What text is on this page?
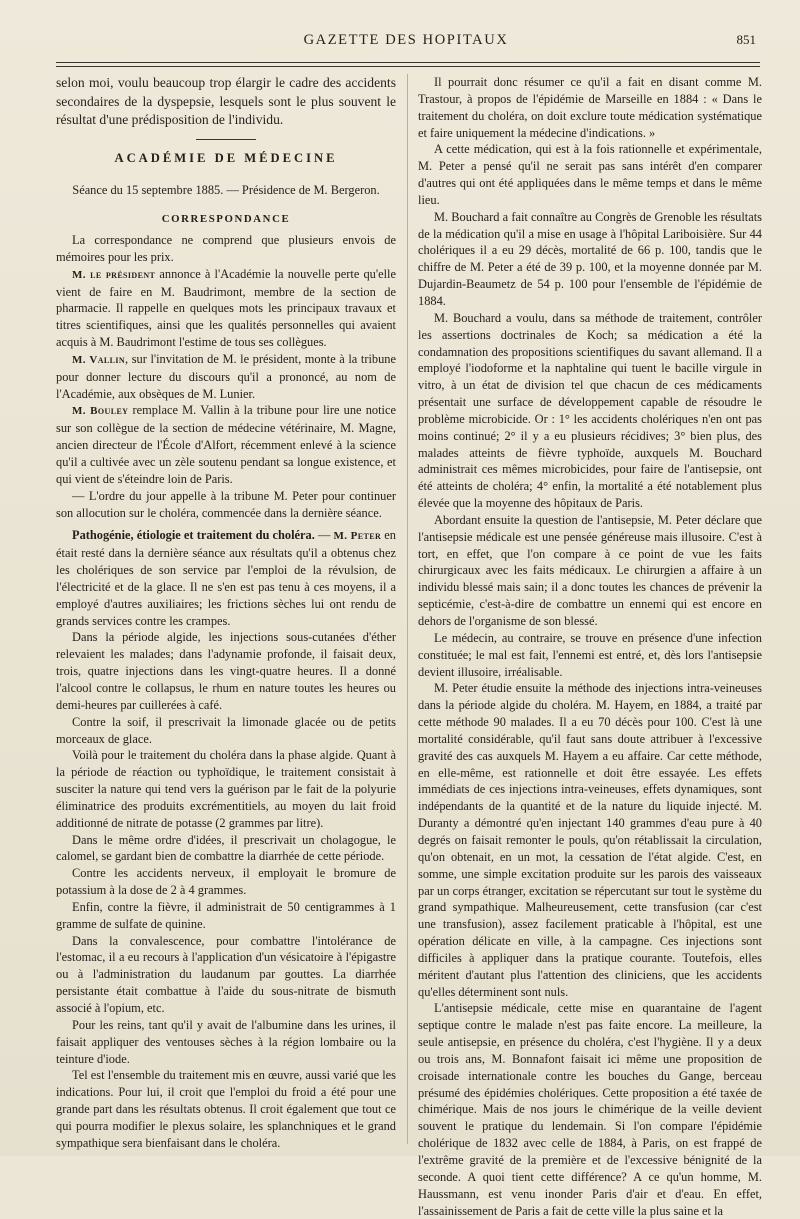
GAZETTE DES HOPITAUX	851

selon moi, voulu beaucoup trop élargir le cadre des accidents secondaires de la dyspepsie, lesquels sont le plus souvent le résultat d'une prédisposition de l'individu.

ACADÉMIE DE MÉDECINE

Séance du 15 septembre 1885. — Présidence de M. Bergeron.

CORRESPONDANCE

La correspondance ne comprend que plusieurs envois de mémoires pour les prix.

M. le président annonce à l'Académie la nouvelle perte qu'elle vient de faire en M. Baudrimont, membre de la section de pharmacie. Il rappelle en quelques mots les principaux travaux et titres scientifiques, ainsi que les qualités personnelles qui avaient acquis à M. Baudrimont l'estime de tous ses collègues.

M. Vallin, sur l'invitation de M. le président, monte à la tribune pour donner lecture du discours qu'il a prononcé, au nom de l'Académie, aux obsèques de M. Lunier.

M. Bouley remplace M. Vallin à la tribune pour lire une notice sur son collègue de la section de médecine vétérinaire, M. Magne, ancien directeur de l'École d'Alfort, récemment enlevé à la science qu'il a cultivée avec un zèle soutenu pendant sa longue existence, et qui vient de s'éteindre loin de Paris.

— L'ordre du jour appelle à la tribune M. Peter pour continuer son allocution sur le choléra, commencée dans la dernière séance.

Pathogénie, étiologie et traitement du choléra. — M. Peter en était resté dans la dernière séance aux résultats qu'il a obtenus chez les cholériques de son service par l'emploi de la révulsion, de l'électricité et de la glace. Il ne s'en est pas tenu à ces moyens, il a employé d'autres auxiliaires; les frictions sèches lui ont rendu de grands services contre les crampes.

Dans la période algide, les injections sous-cutanées d'éther relevaient les malades; dans l'adynamie profonde, il faisait deux, trois, quatre injections dans les vingt-quatre heures. Il a donné l'alcool contre le collapsus, le rhum en nature toutes les heures ou demi-heures par cuillerées à café.

Contre la soif, il prescrivait la limonade glacée ou de petits morceaux de glace.

Voilà pour le traitement du choléra dans la phase algide. Quant à la période de réaction ou typhoïdique, le traitement consistait à susciter la nature qui tend vers la guérison par le fait de la polyurie éliminatrice des produits excrémentitiels, au moyen du lait froid additionné de nitrate de potasse (2 grammes par litre).

Dans le même ordre d'idées, il prescrivait un cholagogue, le calomel, se gardant bien de combattre la diarrhée de cette période.

Contre les accidents nerveux, il employait le bromure de potassium à la dose de 2 à 4 grammes.

Enfin, contre la fièvre, il administrait de 50 centigrammes à 1 gramme de sulfate de quinine.

Dans la convalescence, pour combattre l'intolérance de l'estomac, il a eu recours à l'application d'un vésicatoire à l'épigastre ou à l'administration du laudanum par gouttes. La diarrhée persistante était combattue à l'aide du sous-nitrate de bismuth associé à l'opium, etc.

Pour les reins, tant qu'il y avait de l'albumine dans les urines, il faisait appliquer des ventouses sèches à la région lombaire ou la teinture d'iode.

Tel est l'ensemble du traitement mis en œuvre, aussi varié que les indications. Pour lui, il croit que l'emploi du froid a été pour une grande part dans les résultats obtenus. Il croit également que tout ce qui pourra modifier le plexus solaire, les splanchniques et le grand sympathique sera bienfaisant dans le choléra.

Il pourrait donc résumer ce qu'il a fait en disant comme M. Trastour, à propos de l'épidémie de Marseille en 1884 : « Dans le traitement du choléra, on doit exclure toute médication systématique et faire uniquement la médecine d'indications. »

A cette médication, qui est à la fois rationnelle et expérimentale, M. Peter a pensé qu'il ne serait pas sans intérêt d'en comparer d'autres qui ont été appliquées dans le même temps et dans le même lieu.

M. Bouchard a fait connaître au Congrès de Grenoble les résultats de la médication qu'il a mise en usage à l'hôpital Lariboisière. Sur 44 cholériques il a eu 29 décès, mortalité de 66 p. 100, tandis que le chiffre de M. Peter a été de 39 p. 100, et la moyenne donnée par M. Dujardin-Beaumetz de 54 p. 100 pour l'ensemble de l'épidémie de 1884.

M. Bouchard a voulu, dans sa méthode de traitement, contrôler les assertions doctrinales de Koch; sa médication a été la condamnation des propositions scientifiques du savant allemand. Il a employé l'iodoforme et la naphtaline qui tuent le bacille virgule in vitro, à un état de division tel que chacun de ces médicaments présentait une surface de développement capable de résoudre le problème microbicide. Or : 1° les accidents cholériques n'en ont pas moins continué; 2° il y a eu plusieurs récidives; 3° bien plus, des malades atteints de fièvre typhoïde, auxquels M. Bouchard administrait ces mêmes microbicides, pour faire de l'antisepsie, ont été atteints de choléra; 4° enfin, la mortalité a été notablement plus élevée que la moyenne des hôpitaux de Paris.

Abordant ensuite la question de l'antisepsie, M. Peter déclare que l'antisepsie médicale est une pensée généreuse mais illusoire. C'est à tort, en effet, que l'on compare à ce point de vue les faits chirurgicaux avec les faits médicaux. Le chirurgien a affaire à un individu blessé mais sain; il a donc toutes les chances de prévenir la septicémie, c'est-à-dire de combattre un ennemi qui est encore en dehors de l'organisme de son blessé.

Le médecin, au contraire, se trouve en présence d'une infection constituée; le mal est fait, l'ennemi est entré, et, dès lors l'antisepsie devient illusoire, irréalisable.

M. Peter étudie ensuite la méthode des injections intra-veineuses dans la période algide du choléra. M. Hayem, en 1884, a traité par cette méthode 90 malades. Il a eu 70 décès pour 100. C'est là une mortalité considérable, qu'il faut sans doute attribuer à l'excessive gravité des cas auxquels M. Hayem a eu affaire. Car cette méthode, en elle-même, est rationnelle et doit être essayée. Les effets immédiats de ces injections intra-veineuses, effets dynamiques, sont indépendants de la quantité et de la nature du liquide injecté. M. Duranty a démontré qu'en injectant 140 grammes d'eau pure à 40 degrés on faisait remonter le pouls, qu'on rétablissait la circulation, qu'on obtenait, en un mot, la cessation de l'état algide. C'est, en somme, une simple excitation produite sur les parois des vaisseaux par un corps étranger, excitation se répercutant sur tout le système du grand sympathique. Malheureusement, cette transfusion (car c'est une transfusion), assez facilement praticable à l'hôpital, est une opération délicate en ville, à la campagne. Ces injections sont difficiles à appliquer dans la pratique courante. Toutefois, elles méritent d'autant plus l'attention des cliniciens, que les accidents qu'elles déterminent sont nuls.

L'antisepsie médicale, cette mise en quarantaine de l'agent septique contre le malade n'est pas faite encore. La meilleure, la seule antisepsie, en présence du choléra, c'est l'hygiène. Il y a deux ou trois ans, M. Bonnafont faisait ici même une proposition de croisade internationale contre les bouches du Gange, berceau présumé des épidémies cholériques. Cette proposition a été taxée de chimérique. Mais de nos jours le chimérique de la veille devient souvent le pratique du lendemain. Si l'on compare l'épidémie cholérique de 1832 avec celle de 1884, à Paris, on est frappé de l'extrême gravité de la première et de l'excessive bénignité de la seconde. A quoi tient cette différence? A ce qu'un homme, M. Haussmann, est venu inonder Paris d'air et d'eau. En effet, l'assainissement de Paris a fait de cette ville la plus saine et la
